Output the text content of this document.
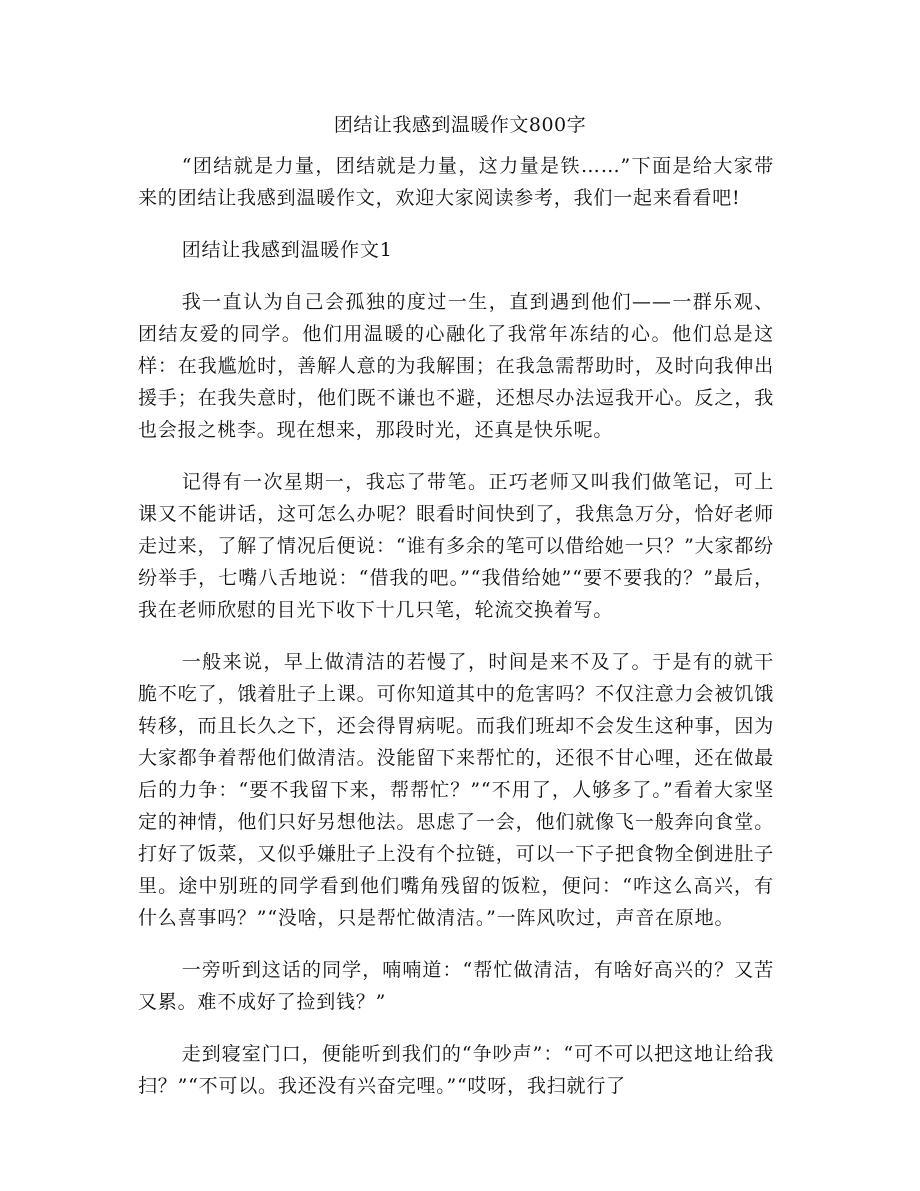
团结让我感到温暖作文800字

“团结就是力量，团结就是力量，这力量是铁……”下面是给大家带来的团结让我感到温暖作文，欢迎大家阅读参考，我们一起来看看吧!

团结让我感到温暖作文1

我一直认为自己会孤独的度过一生，直到遇到他们——一群乐观、团结友爱的同学。他们用温暖的心融化了我常年冻结的心。他们总是这样：在我尴尬时，善解人意的为我解围；在我急需帮助时，及时向我伸出援手；在我失意时，他们既不谦也不避，还想尽办法逗我开心。反之，我也会报之桃李。现在想来，那段时光，还真是快乐呢。

记得有一次星期一，我忘了带笔。正巧老师又叫我们做笔记，可上课又不能讲话，这可怎么办呢？眼看时间快到了，我焦急万分，恰好老师走过来，了解了情况后便说：“谁有多余的笔可以借给她一只？”大家都纷纷举手，七嘴八舌地说：“借我的吧。”“我借给她”“要不要我的？”最后，我在老师欣慰的目光下收下十几只笔，轮流交换着写。

一般来说，早上做清洁的若慢了，时间是来不及了。于是有的就干脆不吃了，饿着肚子上课。可你知道其中的危害吗？不仅注意力会被饥饿转移，而且长久之下，还会得胃病呢。而我们班却不会发生这种事，因为大家都争着帮他们做清洁。没能留下来帮忙的，还很不甘心哩，还在做最后的力争：“要不我留下来，帮帮忙？”“不用了，人够多了。”看着大家坚定的神情，他们只好另想他法。思虑了一会，他们就像飞一般奔向食堂。打好了饭菜，又似乎嫌肚子上没有个拉链，可以一下子把食物全倒进肚子里。途中别班的同学看到他们嘴角残留的饭粒，便问：“咋这么高兴，有什么喜事吗？”“没啥，只是帮忙做清洁。”一阵风吹过，声音在原地。

一旁听到这话的同学，喃喃道：“帮忙做清洁，有啥好高兴的？又苦又累。难不成好了捡到钱？”

走到寝室门口，便能听到我们的“争吵声”：“可不可以把这地让给我扫？”“不可以。我还没有兴奋完哩。”“哎呀，我扫就行了
